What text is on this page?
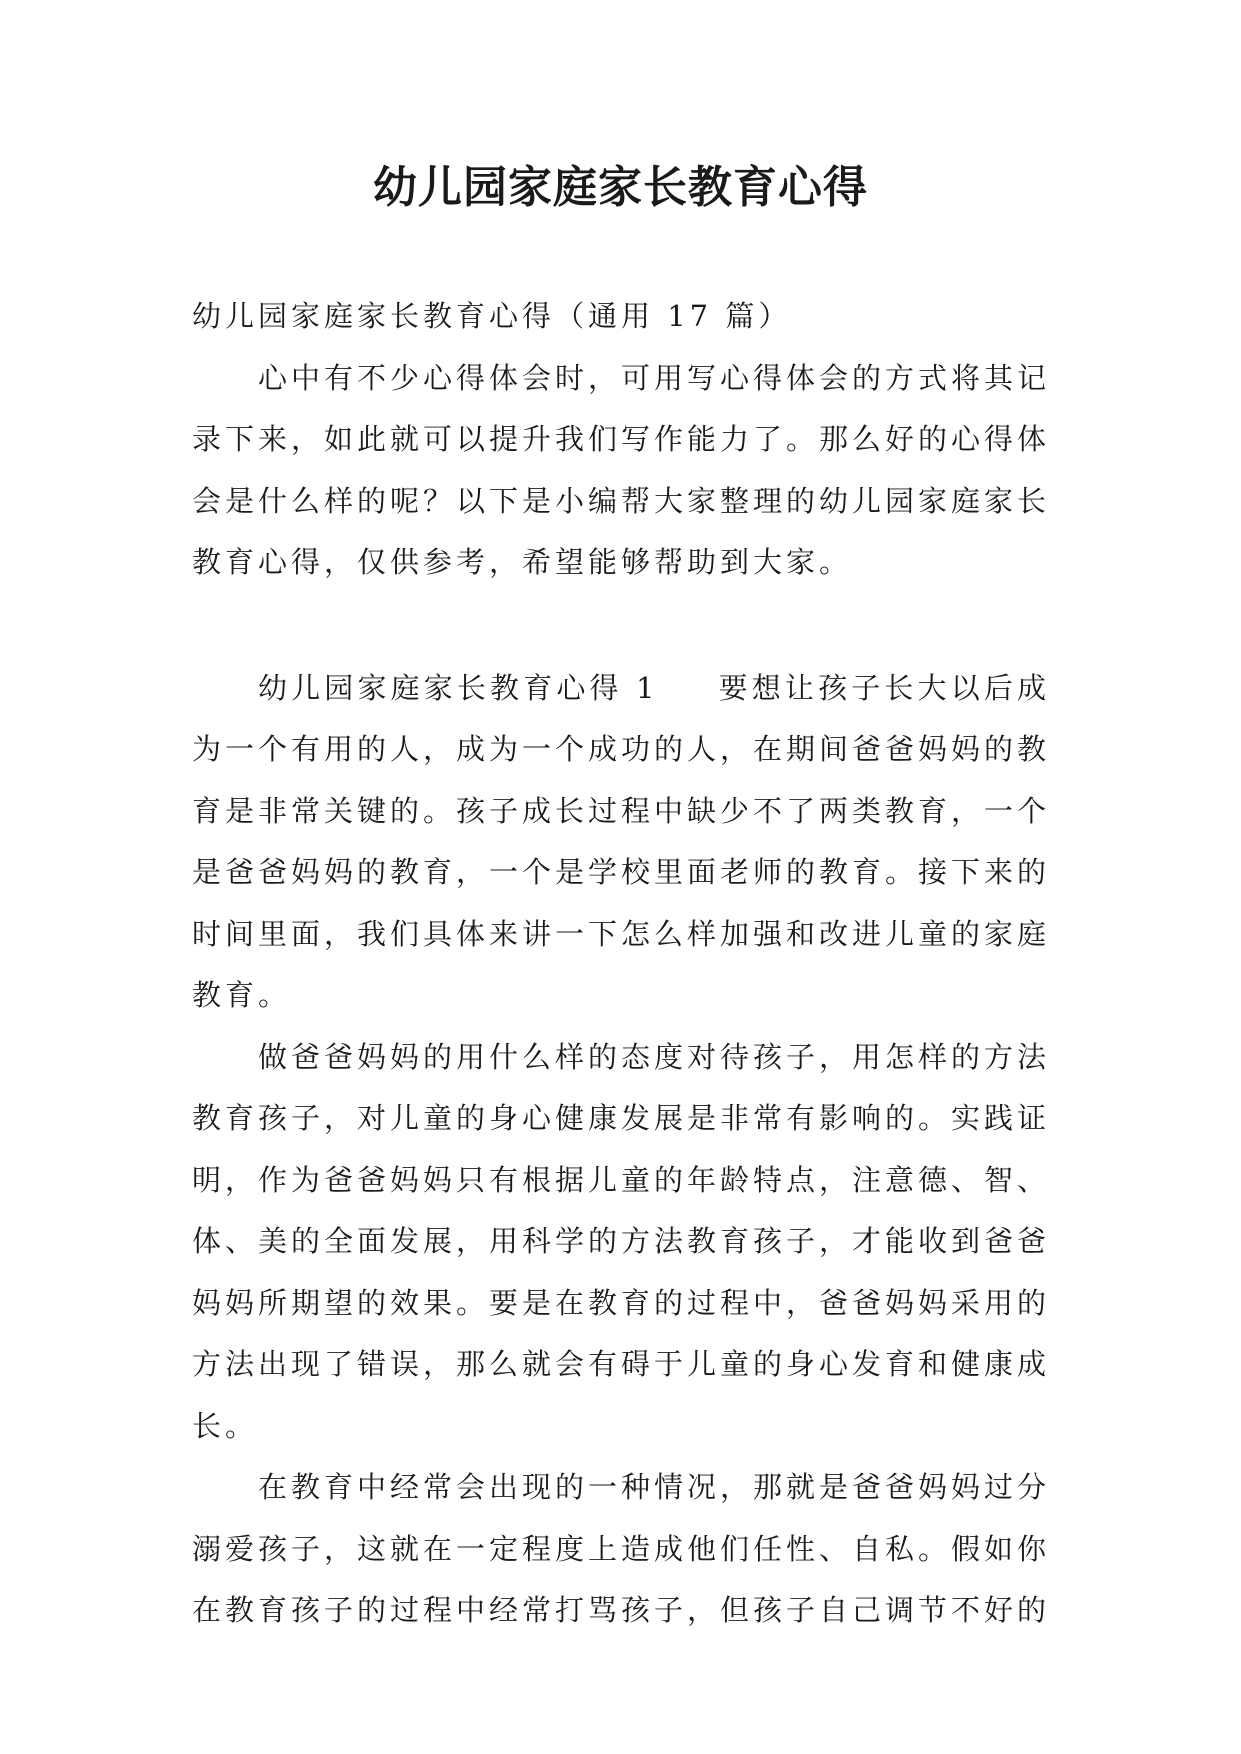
幼儿园家庭家长教育心得

幼儿园家庭家长教育心得（通用 17 篇）

心中有不少心得体会时，可用写心得体会的方式将其记录下来，如此就可以提升我们写作能力了。那么好的心得体会是什么样的呢？以下是小编帮大家整理的幼儿园家庭家长教育心得，仅供参考，希望能够帮助到大家。

幼儿园家庭家长教育心得 1 要想让孩子长大以后成为一个有用的人，成为一个成功的人，在期间爸爸妈妈的教育是非常关键的。孩子成长过程中缺少不了两类教育，一个是爸爸妈妈的教育，一个是学校里面老师的教育。接下来的时间里面，我们具体来讲一下怎么样加强和改进儿童的家庭教育。

做爸爸妈妈的用什么样的态度对待孩子，用怎样的方法教育孩子，对儿童的身心健康发展是非常有影响的。实践证明，作为爸爸妈妈只有根据儿童的年龄特点，注意德、智、体、美的全面发展，用科学的方法教育孩子，才能收到爸爸妈妈所期望的效果。要是在教育的过程中，爸爸妈妈采用的方法出现了错误，那么就会有碍于儿童的身心发育和健康成长。

在教育中经常会出现的一种情况，那就是爸爸妈妈过分溺爱孩子，这就在一定程度上造成他们任性、自私。假如你在教育孩子的过程中经常打骂孩子，但孩子自己调节不好的
